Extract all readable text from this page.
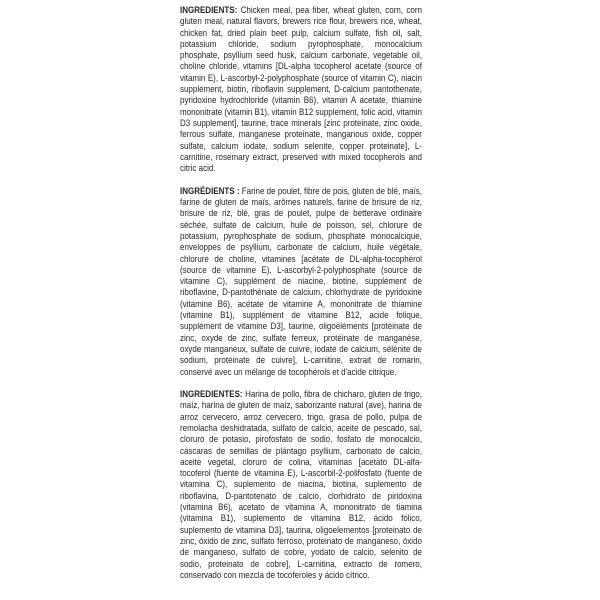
INGREDIENTS: Chicken meal, pea fiber, wheat gluten, corn, corn gluten meal, natural flavors, brewers rice flour, brewers rice, wheat, chicken fat, dried plain beet pulp, calcium sulfate, fish oil, salt, potassium chloride, sodium pyrophosphate, monocalcium phosphate, psyllium seed husk, calcium carbonate, vegetable oil, choline chloride, vitamins [DL-alpha tocopherol acetate (source of vitamin E), L-ascorbyl-2-polyphosphate (source of vitamin C), niacin supplement, biotin, riboflavin supplement, D-calcium pantothenate, pyridoxine hydrochloride (vitamin B6), vitamin A acetate, thiamine mononitrate (vitamin B1), vitamin B12 supplement, folic acid, vitamin D3 supplement], taurine, trace minerals [zinc proteinate, zinc oxide, ferrous sulfate, manganese proteinate, manganous oxide, copper sulfate, calcium iodate, sodium selenite, copper proteinate], L-carnitine, rosemary extract, preserved with mixed tocopherols and citric acid.

INGRÉDIENTS : Farine de poulet, fibre de pois, gluten de blé, maïs, farine de gluten de maïs, arômes naturels, farine de brisure de riz, brisure de riz, blé, gras de poulet, pulpe de betterave ordinaire séchée, sulfate de calcium, huile de poisson, sel, chlorure de potassium, pyrophosphate de sodium, phosphate monocalcique, enveloppes de psyllium, carbonate de calcium, huile végétale, chlorure de choline, vitamines [acétate de DL-alpha-tocophérol (source de vitamine E), L-ascorbyl-2-polyphosphate (source de vitamine C), supplément de niacine, biotine, supplément de riboflavine, D-pantothénate de calcium, chlorhydrate de pyridoxine (vitamine B6), acétate de vitamine A, mononitrate de thiamine (vitamine B1), supplément de vitamine B12, acide folique, supplément de vitamine D3], taurine, oligoéléments [protéinate de zinc, oxyde de zinc, sulfate ferreux, protéinate de manganèse, oxyde manganeux, sulfate de cuivre, iodate de calcium, sélénite de sodium, protéinate de cuivre], L-carnitine, extrait de romarin, conservé avec un mélange de tocophérols et d'acide citrique.

INGREDIENTES: Harina de pollo, fibra de chicharo, gluten de trigo, maíz, harina de gluten de maíz, saborizante natural (ave), harina de arroz cervecero, arroz cervecero, trigo, grasa de pollo, pulpa de remolacha deshidratada, sulfato de calcio, aceite de pescado, sal, cloruro de potasio, pirofosfato de sodio, fosfato de monocalcio, cáscaras de semillas de plántago psyllium, carbonato de calcio, aceite vegetal, cloruro de colina, vitaminas [acetato DL-alfa-tocoferol (fuente de vitamina E), L-ascorbil-2-polifosfato (fuente de vitamina C), suplemento de niacina, biotina, suplemento de riboflavina, D-pantotenato de calcio, clorhidrato de piridoxina (vitamina B6), acetato de vitamina A, mononitrato de tiamina (vitamina B1), suplemento de vitamina B12, ácido fólico, suplemento de vitamina D3], taurina, oligoelementos [proteinato de zinc, óxido de zinc, sulfato ferroso, proteinato de manganeso, óxido de manganeso, sulfato de cobre, yodato de calcio, selenito de sodio, proteinato de cobre], L-carnitina, extracto de romero, conservado con mezcla de tocoferoles y ácido cítrico.
